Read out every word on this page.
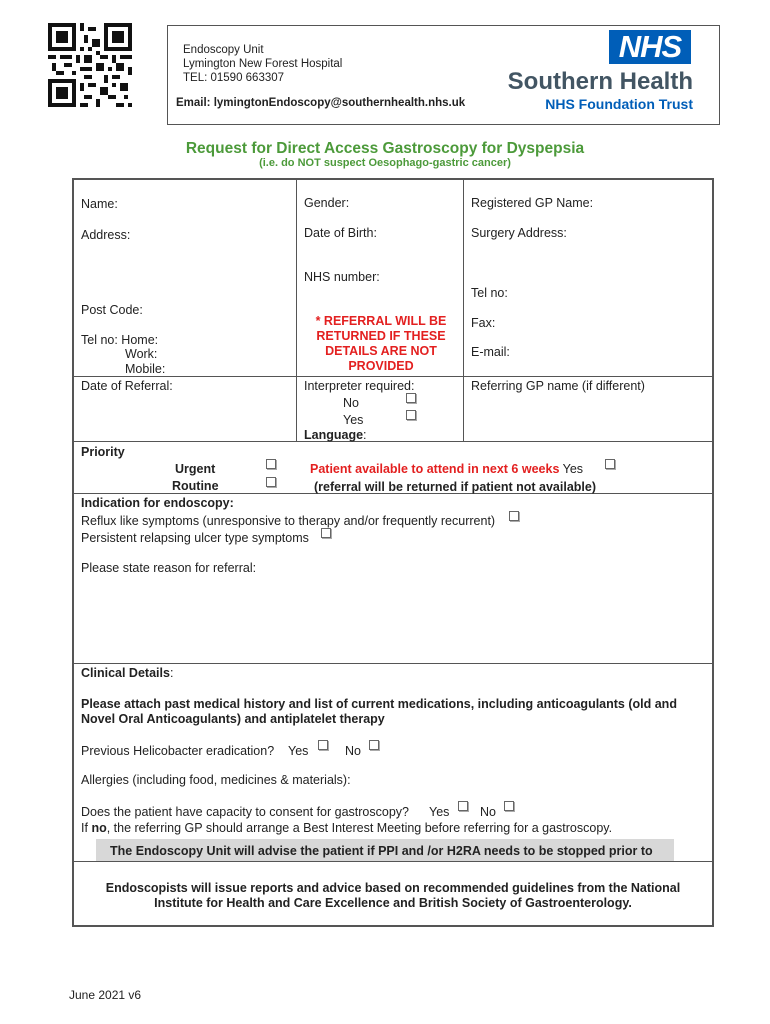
Endoscopy Unit
Lymington New Forest Hospital
TEL: 01590 663307
Email: lymingtonEndoscopy@southernhealth.nhs.uk
NHS
Southern Health
NHS Foundation Trust
Request for Direct Access Gastroscopy for Dyspepsia
(i.e. do NOT suspect Oesophago-gastric cancer)
Name:
Address:
Post Code:
Tel no: Home:
Work:
Mobile:
Date of Referral:
Gender:
Date of Birth:
NHS number:
* REFERRAL WILL BE
RETURNED IF THESE
DETAILS ARE NOT
PROVIDED
Interpreter required:
No
Yes
Language:
Registered GP Name:
Surgery Address:
Tel no:
Fax:
E-mail:
Referring GP name (if different)
Priority
Urgent
Routine
Patient available to attend in next 6 weeks Yes
(referral will be returned if patient not available)
Indication for endoscopy:
Reflux like symptoms (unresponsive to therapy and/or frequently recurrent)
Persistent relapsing ulcer type symptoms
Please state reason for referral:
Clinical Details:
Please attach past medical history and list of current medications, including anticoagulants (old and
Novel Oral Anticoagulants) and antiplatelet therapy
Previous Helicobacter eradication? Yes	No
Allergies (including food, medicines & materials):
Does the patient have capacity to consent for gastroscopy? Yes No
If no, the referring GP should arrange a Best Interest Meeting before referring for a gastroscopy.
The Endoscopy Unit will advise the patient if PPI and /or H2RA needs to be stopped prior to
Endoscopists will issue reports and advice based on recommended guidelines from the National
Institute for Health and Care Excellence and British Society of Gastroenterology.
June 2021 v6
